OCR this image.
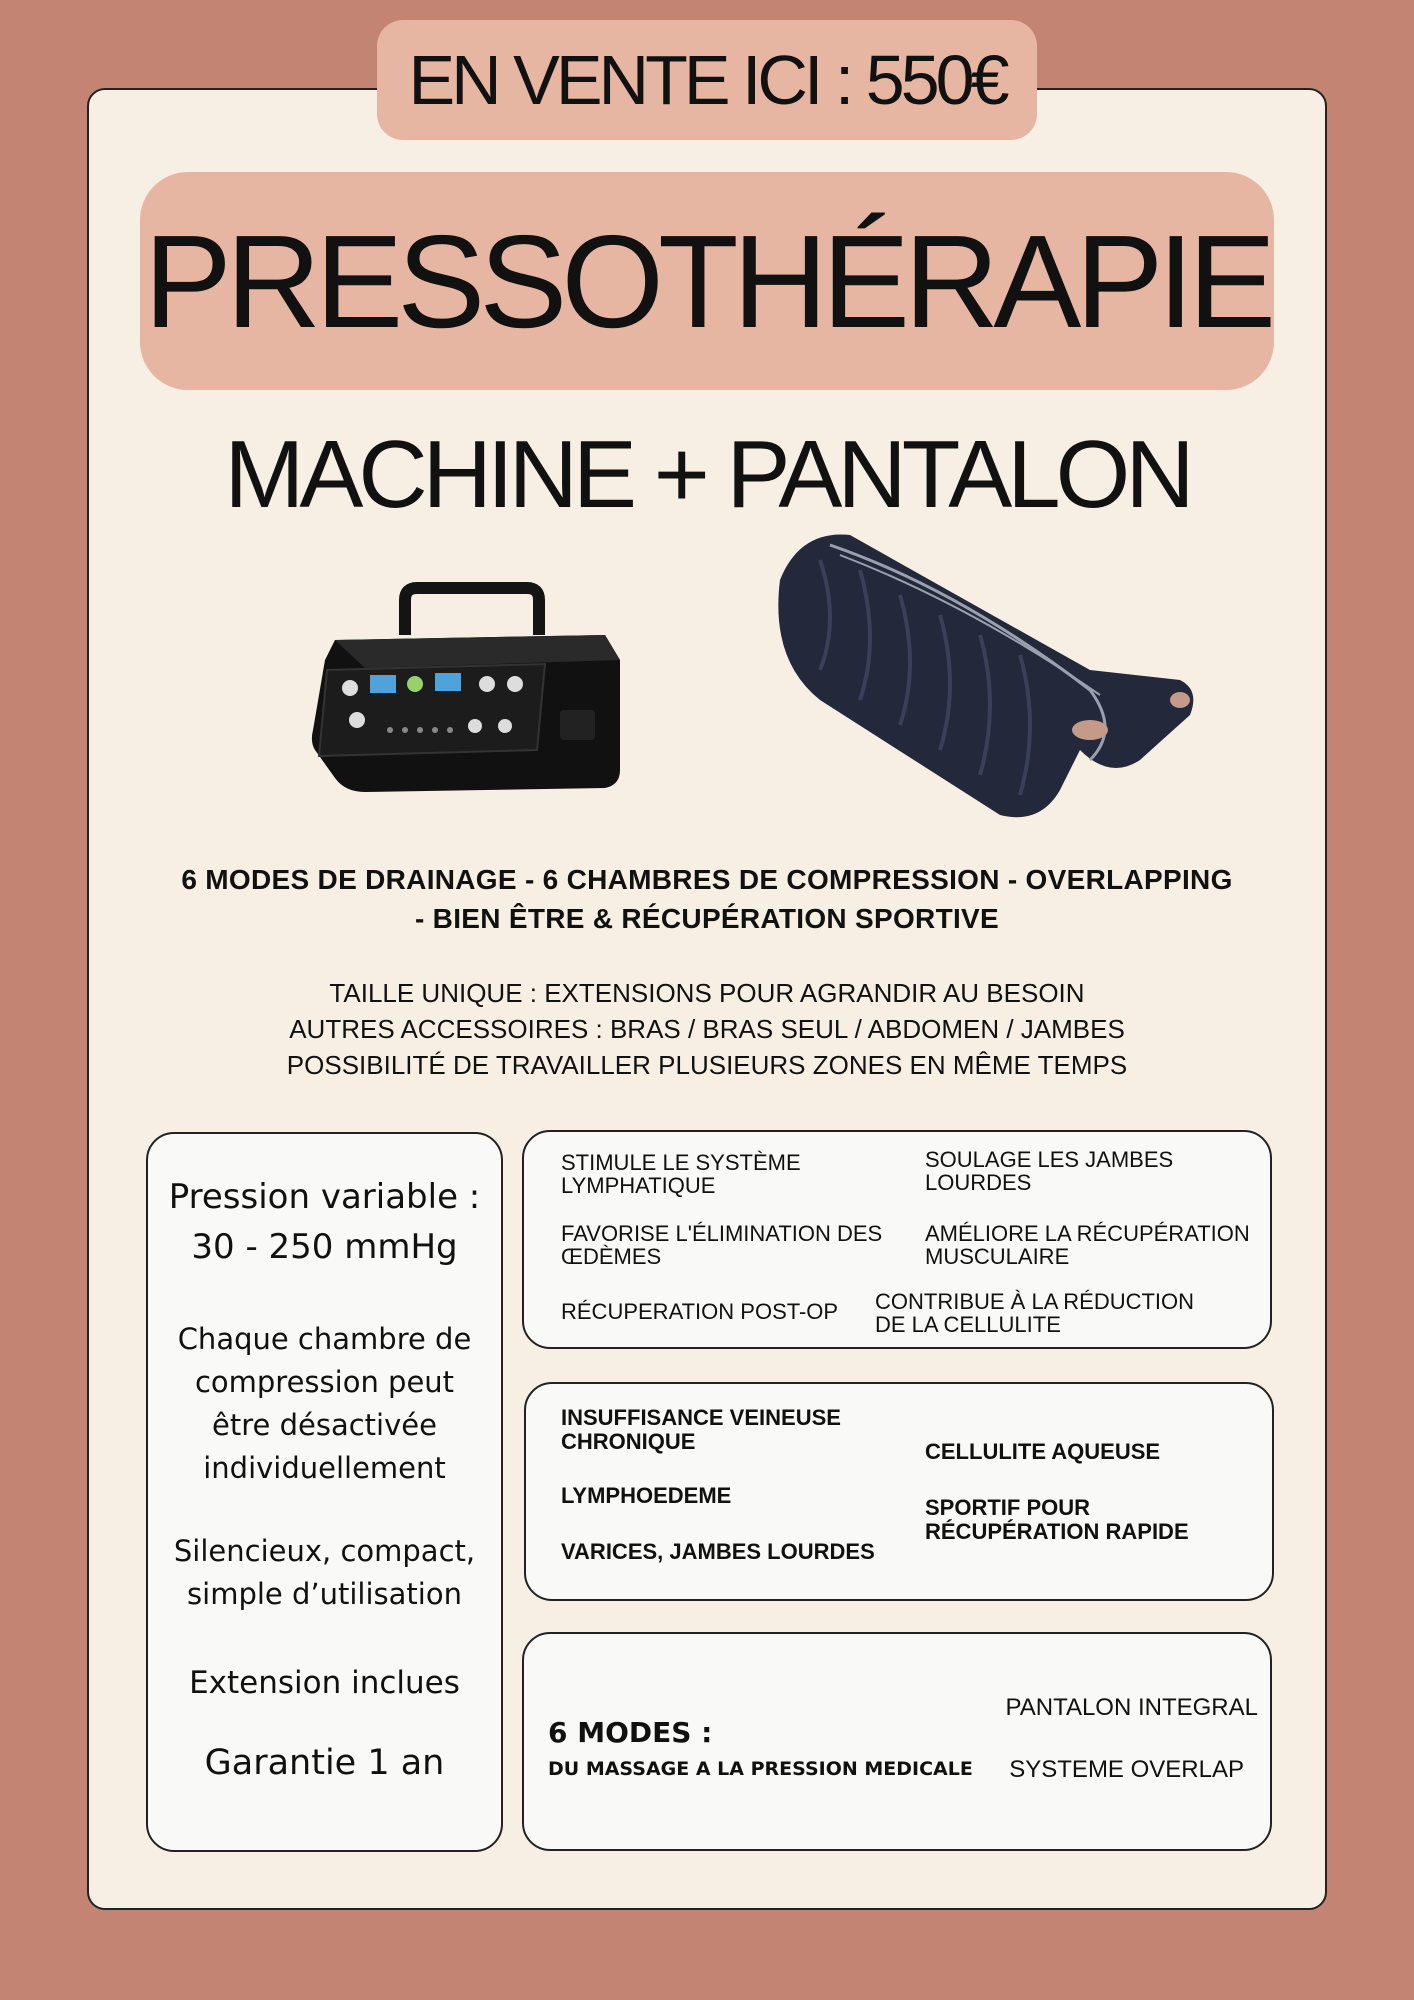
EN VENTE ICI : 550€
PRESSOTHÉRAPIE
MACHINE + PANTALON
6 MODES DE DRAINAGE - 6 CHAMBRES DE COMPRESSION - OVERLAPPING
- BIEN ÊTRE & RÉCUPÉRATION SPORTIVE
TAILLE UNIQUE : EXTENSIONS POUR AGRANDIR AU BESOIN
AUTRES ACCESSOIRES : BRAS / BRAS SEUL / ABDOMEN / JAMBES
POSSIBILITÉ DE TRAVAILLER PLUSIEURS ZONES EN MÊME TEMPS
Pression variable :
30 - 250 mmHg
Chaque chambre de
compression peut
être désactivée
individuellement
Silencieux, compact,
simple d’utilisation
Extension inclues
Garantie 1 an
STIMULE LE SYSTÈME
LYMPHATIQUE
SOULAGE LES JAMBES
LOURDES
FAVORISE L'ÉLIMINATION DES
ŒDÈMES
AMÉLIORE LA RÉCUPÉRATION
MUSCULAIRE
RÉCUPERATION POST-OP CONTRIBUE À LA RÉDUCTION
DE LA CELLULITE
INSUFFISANCE VEINEUSE
CHRONIQUE
LYMPHOEDEME
VARICES, JAMBES LOURDES
CELLULITE AQUEUSE
SPORTIF POUR
RÉCUPÉRATION RAPIDE
6 MODES :
DU MASSAGE A LA PRESSION MEDICALE
PANTALON INTEGRAL
SYSTEME OVERLAP
